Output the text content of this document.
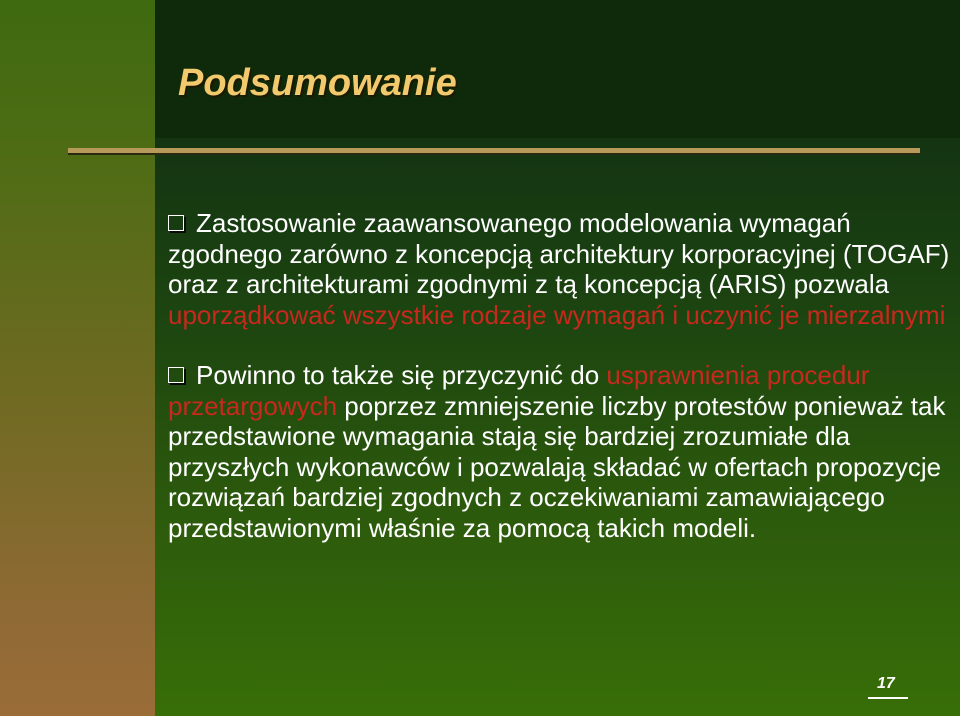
Podsumowanie

Zastosowanie zaawansowanego modelowania wymagań zgodnego zarówno z koncepcją architektury korporacyjnej (TOGAF) oraz z architekturami zgodnymi z tą koncepcją (ARIS) pozwala uporządkować wszystkie rodzaje wymagań i uczynić je mierzalnymi

Powinno to także się przyczynić do usprawnienia procedur przetargowych poprzez zmniejszenie liczby protestów ponieważ tak przedstawione wymagania stają się bardziej zrozumiałe dla przyszłych wykonawców i pozwalają składać w ofertach propozycje rozwiązań bardziej zgodnych z oczekiwaniami zamawiającego przedstawionymi właśnie za pomocą takich modeli.

17
